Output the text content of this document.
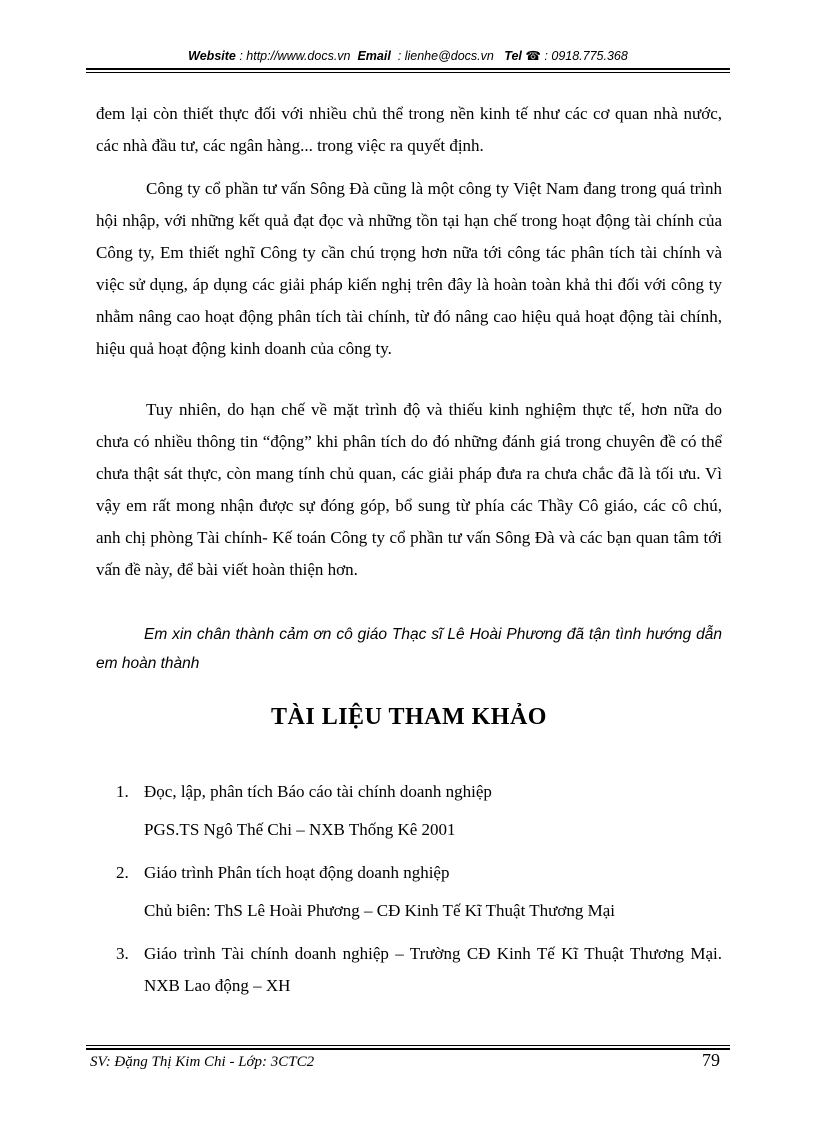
Website : http://www.docs.vn Email : lienhe@docs.vn Tel ☎ : 0918.775.368

đem lại còn thiết thực đối với nhiều chủ thể trong nền kinh tế như các cơ quan nhà nước, các nhà đầu tư, các ngân hàng... trong việc ra quyết định.

Công ty cổ phần tư vấn Sông Đà cũng là một công ty Việt Nam đang trong quá trình hội nhập, với những kết quả đạt đọc và những tồn tại hạn chế trong hoạt động tài chính của Công ty, Em thiết nghĩ Công ty cần chú trọng hơn nữa tới công tác phân tích tài chính và việc sử dụng, áp dụng các giải pháp kiến nghị trên đây là hoàn toàn khả thi đối với công ty nhằm nâng cao hoạt động phân tích tài chính, từ đó nâng cao hiệu quả hoạt động tài chính, hiệu quả hoạt động kinh doanh của công ty.

Tuy nhiên, do hạn chế về mặt trình độ và thiếu kinh nghiệm thực tế, hơn nữa do chưa có nhiều thông tin “động” khi phân tích do đó những đánh giá trong chuyên đề có thể chưa thật sát thực, còn mang tính chủ quan, các giải pháp đưa ra chưa chắc đã là tối ưu. Vì vậy em rất mong nhận được sự đóng góp, bổ sung từ phía các Thầy Cô giáo, các cô chú, anh chị phòng Tài chính- Kế toán Công ty cổ phần tư vấn Sông Đà và các bạn quan tâm tới vấn đề này, để bài viết hoàn thiện hơn.

Em xin chân thành cảm ơn cô giáo Thạc sĩ Lê Hoài Phương đã tận tình hướng dẫn em hoàn thành

TÀI LIỆU THAM KHẢO
1. Đọc, lập, phân tích Báo cáo tài chính doanh nghiệp
PGS.TS Ngô Thế Chi – NXB Thống Kê 2001
2. Giáo trình Phân tích hoạt động doanh nghiệp
Chủ biên: ThS Lê Hoài Phương – CĐ Kinh Tế Kĩ Thuật Thương Mại
3. Giáo trình Tài chính doanh nghiệp – Trường CĐ Kinh Tế Kĩ Thuật Thương Mại. NXB Lao động – XH
SV: Đặng Thị Kim Chi - Lớp: 3CTC2	79
